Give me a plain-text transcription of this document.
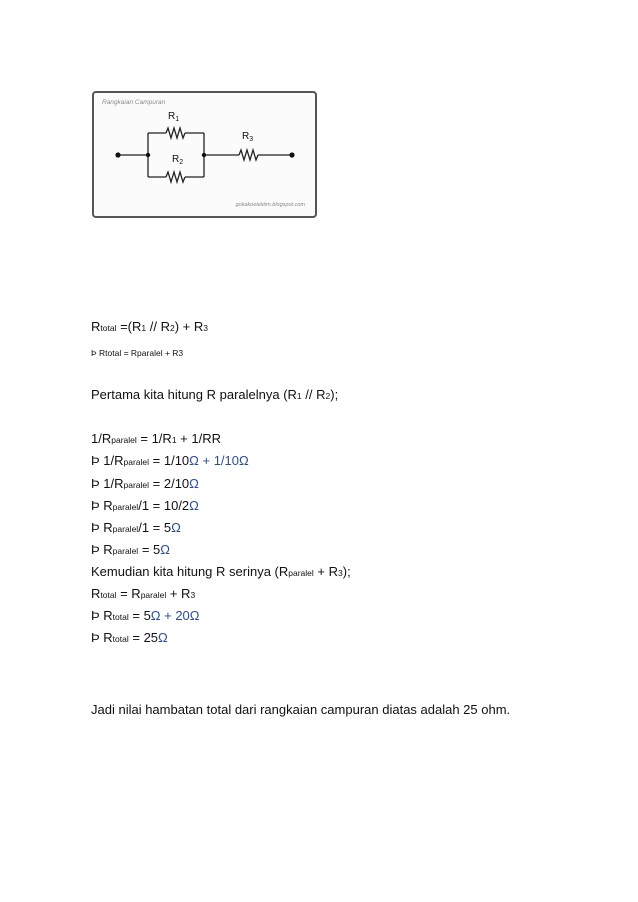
Rangkaian Campuran
$R_1$
$R_2$
$R_3$
gokakoelektim.blogspot.com
Rtotal =(R1 // R2) + R3
Þ Rtotal = Rparalel + R3
Pertama kita hitung R paralelnya (R1 // R2);
1/Rparalel = 1/R1 + 1/RR
Þ 1/Rparalel = 1/10Ω + 1/10Ω
Þ 1/Rparalel = 2/10Ω
Þ Rparalel/1 = 10/2Ω
Þ Rparalel/1 = 5Ω
Þ Rparalel = 5Ω
Kemudian kita hitung R serinya (Rparalel + R3);
Rtotal = Rparalel + R3
Þ Rtotal = 5Ω + 20Ω
Þ Rtotal = 25Ω
Jadi nilai hambatan total dari rangkaian campuran diatas adalah 25 ohm.
